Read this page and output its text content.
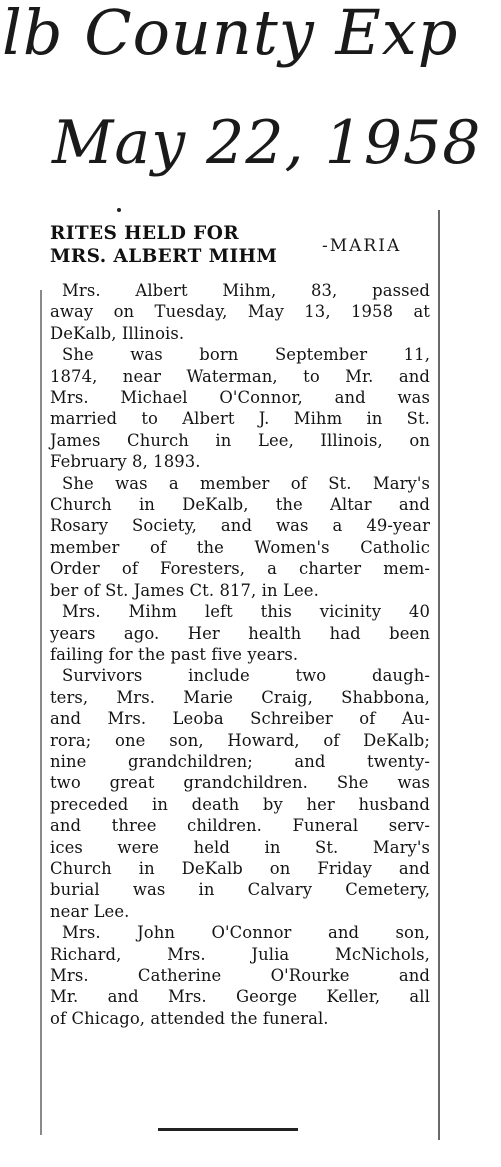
lb County Exp
May 22, 1958
RITES HELD FOR
MRS. ALBERT MIHM
Mrs. Albert Mihm, 83, passed
away on Tuesday, May 13, 1958 at
DeKalb, Illinois.
She was born September 11,
1874, near Waterman, to Mr. and
Mrs. Michael O'Connor, and was
married to Albert J. Mihm in St.
James Church in Lee, Illinois, on
February 8, 1893.
She was a member of St. Mary's
Church in DeKalb, the Altar and
Rosary Society, and was a 49-year
member of the Women's Catholic
Order of Foresters, a charter mem-
ber of St. James Ct. 817, in Lee.
Mrs. Mihm left this vicinity 40
years ago. Her health had been
failing for the past five years.
Survivors include two daugh-
ters, Mrs. Marie Craig, Shabbona,
and Mrs. Leoba Schreiber of Au-
rora; one son, Howard, of DeKalb;
nine grandchildren; and twenty-
two great grandchildren. She was
preceded in death by her husband
and three children. Funeral serv-
ices were held in St. Mary's
Church in DeKalb on Friday and
burial was in Calvary Cemetery,
near Lee.
Mrs. John O'Connor and son,
Richard, Mrs. Julia McNichols,
Mrs. Catherine O'Rourke and
Mr. and Mrs. George Keller, all
of Chicago, attended the funeral.
-MARIA
